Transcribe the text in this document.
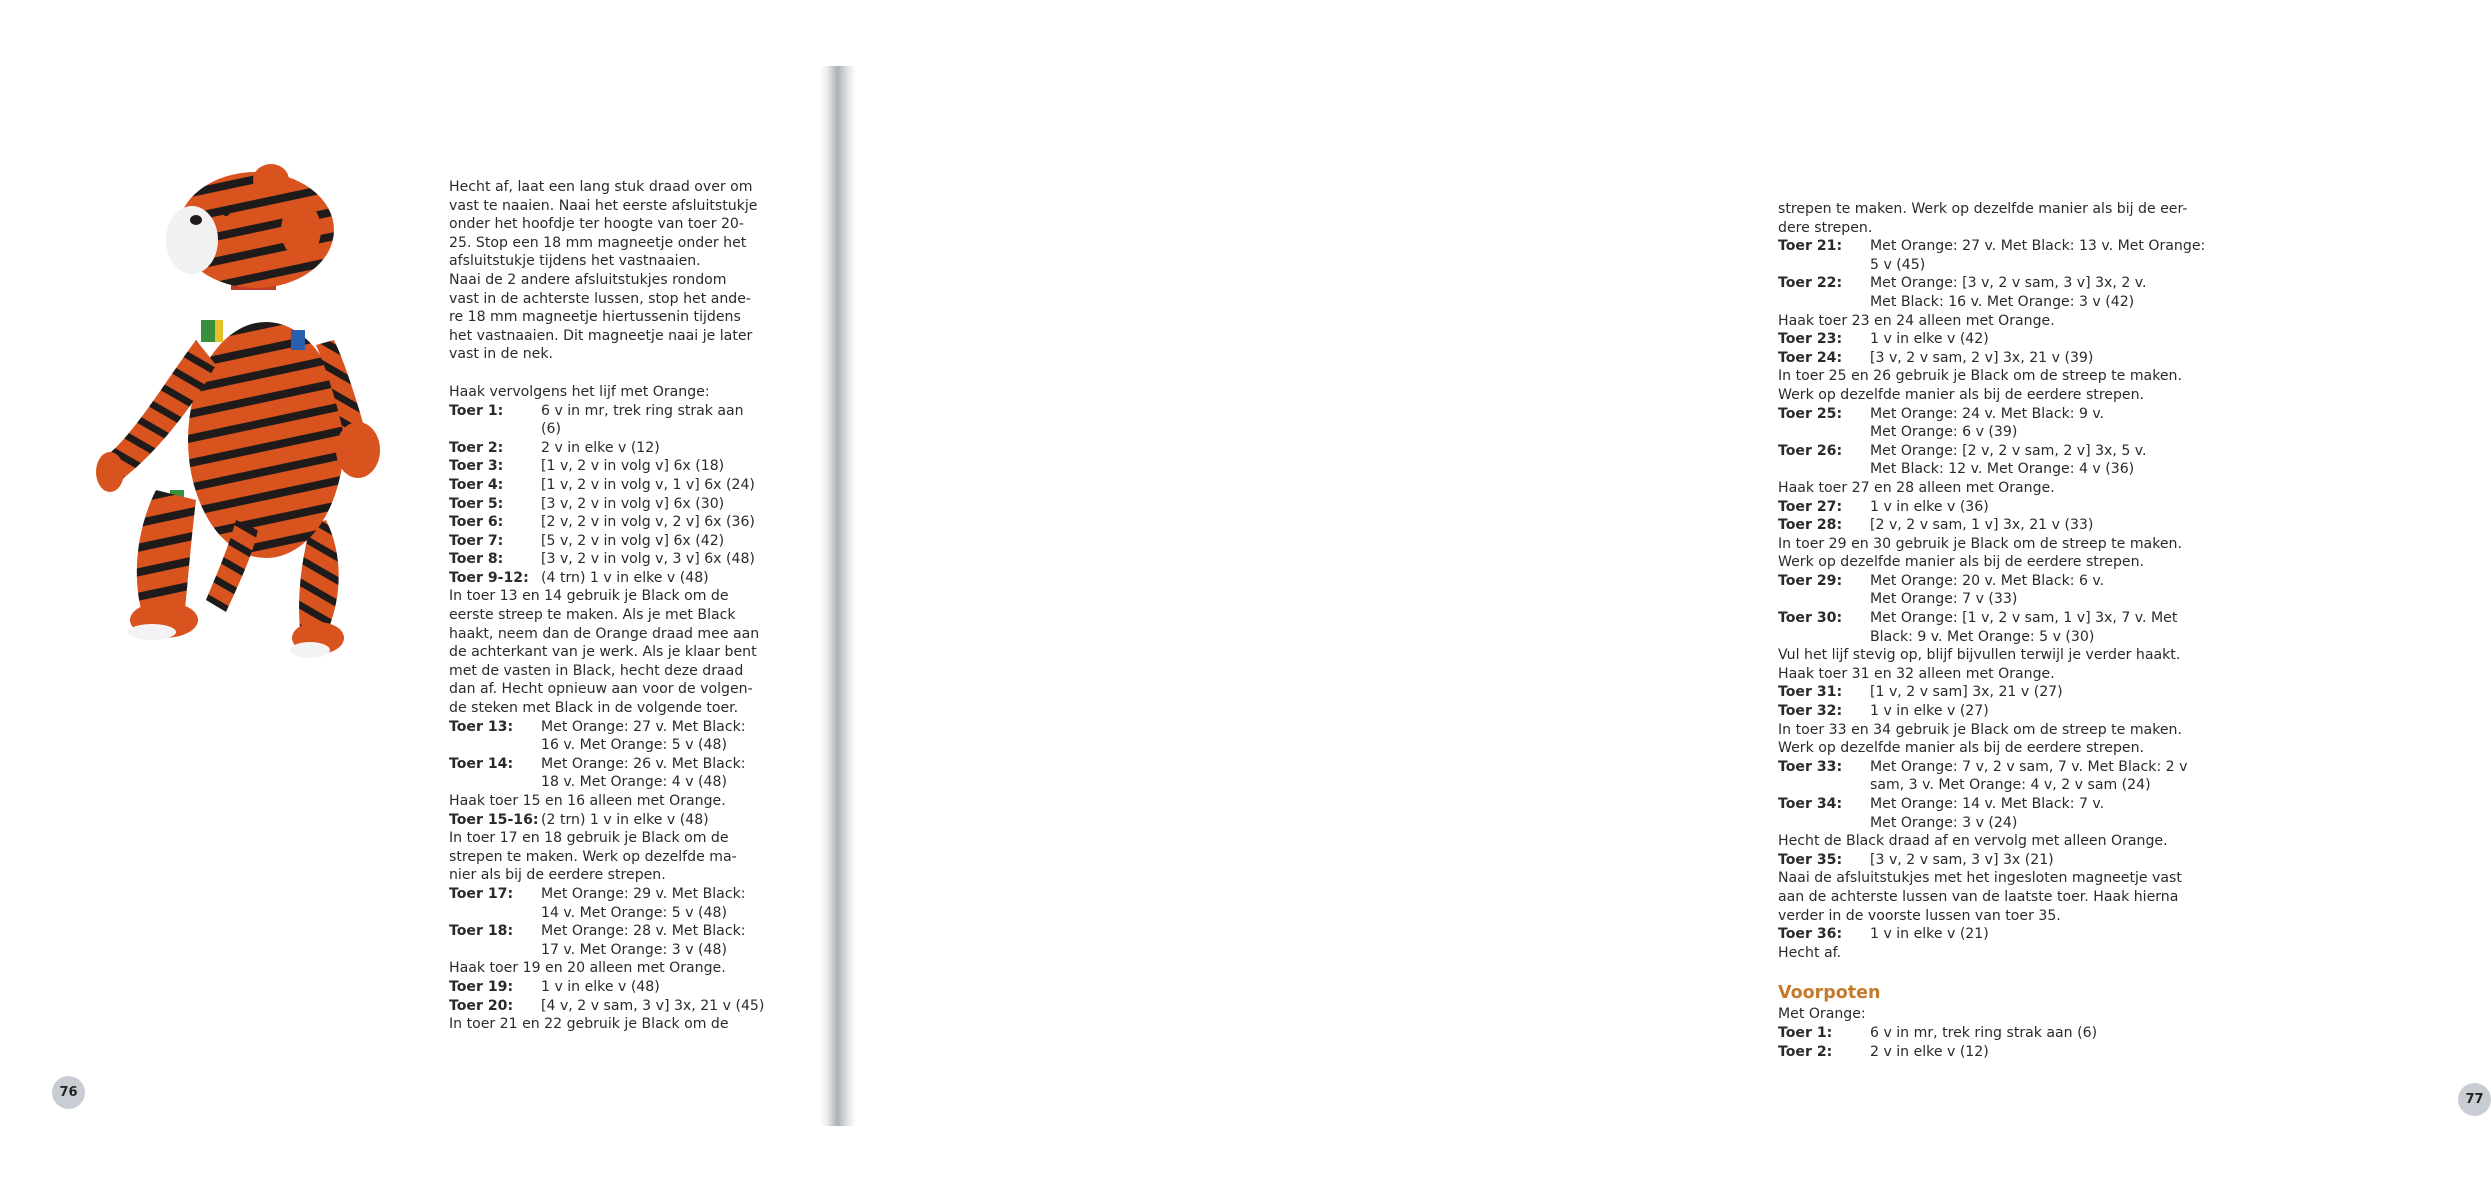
Hecht af, laat een lang stuk draad over om
vast te naaien. Naai het eerste afsluitstukje
onder het hoofdje ter hoogte van toer 20-
25. Stop een 18 mm magneetje onder het
afsluitstukje tijdens het vastnaaien.
Naai de 2 andere afsluitstukjes rondom
vast in de achterste lussen, stop het ande-
re 18 mm magneetje hiertussenin tijdens
het vastnaaien. Dit magneetje naai je later
vast in de nek.
Haak vervolgens het lijf met Orange:
Toer 1:	6 v in mr, trek ring strak aan
(6)
Toer 2:	2 v in elke v (12)
Toer 3:	[1 v, 2 v in volg v] 6x (18)
Toer 4:	[1 v, 2 v in volg v, 1 v] 6x (24)
Toer 5:	[3 v, 2 v in volg v] 6x (30)
Toer 6:	[2 v, 2 v in volg v, 2 v] 6x (36)
Toer 7:	[5 v, 2 v in volg v] 6x (42)
Toer 8:	[3 v, 2 v in volg v, 3 v] 6x (48)
Toer 9-12: (4 trn) 1 v in elke v (48)
In toer 13 en 14 gebruik je Black om de
eerste streep te maken. Als je met Black
haakt, neem dan de Orange draad mee aan
de achterkant van je werk. Als je klaar bent
met de vasten in Black, hecht deze draad
dan af. Hecht opnieuw aan voor de volgen-
de steken met Black in de volgende toer.
Toer 13:	Met Orange: 27 v. Met Black:
16 v. Met Orange: 5 v (48)
Toer 14:	Met Orange: 26 v. Met Black:
18 v. Met Orange: 4 v (48)
Haak toer 15 en 16 alleen met Orange.
Toer 15-16: (2 trn) 1 v in elke v (48)
In toer 17 en 18 gebruik je Black om de
strepen te maken. Werk op dezelfde ma-
nier als bij de eerdere strepen.
Toer 17:	Met Orange: 29 v. Met Black:
14 v. Met Orange: 5 v (48)
Toer 18:	Met Orange: 28 v. Met Black:
17 v. Met Orange: 3 v (48)
Haak toer 19 en 20 alleen met Orange.
Toer 19:	1 v in elke v (48)
Toer 20:	[4 v, 2 v sam, 3 v] 3x, 21 v (45)
In toer 21 en 22 gebruik je Black om de
76
strepen te maken. Werk op dezelfde manier als bij de eer-
dere strepen.
Toer 21:	Met Orange: 27 v. Met Black: 13 v. Met Orange:
5 v (45)
Toer 22:	Met Orange: [3 v, 2 v sam, 3 v] 3x, 2 v.
Met Black: 16 v. Met Orange: 3 v (42)
Haak toer 23 en 24 alleen met Orange.
Toer 23:	1 v in elke v (42)
Toer 24:	[3 v, 2 v sam, 2 v] 3x, 21 v (39)
In toer 25 en 26 gebruik je Black om de streep te maken.
Werk op dezelfde manier als bij de eerdere strepen.
Toer 25:	Met Orange: 24 v. Met Black: 9 v.
Met Orange: 6 v (39)
Toer 26:	Met Orange: [2 v, 2 v sam, 2 v] 3x, 5 v.
Met Black: 12 v. Met Orange: 4 v (36)
Haak toer 27 en 28 alleen met Orange.
Toer 27:	1 v in elke v (36)
Toer 28:	[2 v, 2 v sam, 1 v] 3x, 21 v (33)
In toer 29 en 30 gebruik je Black om de streep te maken.
Werk op dezelfde manier als bij de eerdere strepen.
Toer 29:	Met Orange: 20 v. Met Black: 6 v.
Met Orange: 7 v (33)
Toer 30:	Met Orange: [1 v, 2 v sam, 1 v] 3x, 7 v. Met
Black: 9 v. Met Orange: 5 v (30)
Vul het lijf stevig op, blijf bijvullen terwijl je verder haakt.
Haak toer 31 en 32 alleen met Orange.
Toer 31:	[1 v, 2 v sam] 3x, 21 v (27)
Toer 32:	1 v in elke v (27)
In toer 33 en 34 gebruik je Black om de streep te maken.
Werk op dezelfde manier als bij de eerdere strepen.
Toer 33:	Met Orange: 7 v, 2 v sam, 7 v. Met Black: 2 v
sam, 3 v. Met Orange: 4 v, 2 v sam (24)
Toer 34:	Met Orange: 14 v. Met Black: 7 v.
Met Orange: 3 v (24)
Hecht de Black draad af en vervolg met alleen Orange.
Toer 35:	[3 v, 2 v sam, 3 v] 3x (21)
Naai de afsluitstukjes met het ingesloten magneetje vast
aan de achterste lussen van de laatste toer. Haak hierna
verder in de voorste lussen van toer 35.
Toer 36:	1 v in elke v (21)
Hecht af.
Voorpoten
Met Orange:
Toer 1:	6 v in mr, trek ring strak aan (6)
Toer 2:	2 v in elke v (12)
77
